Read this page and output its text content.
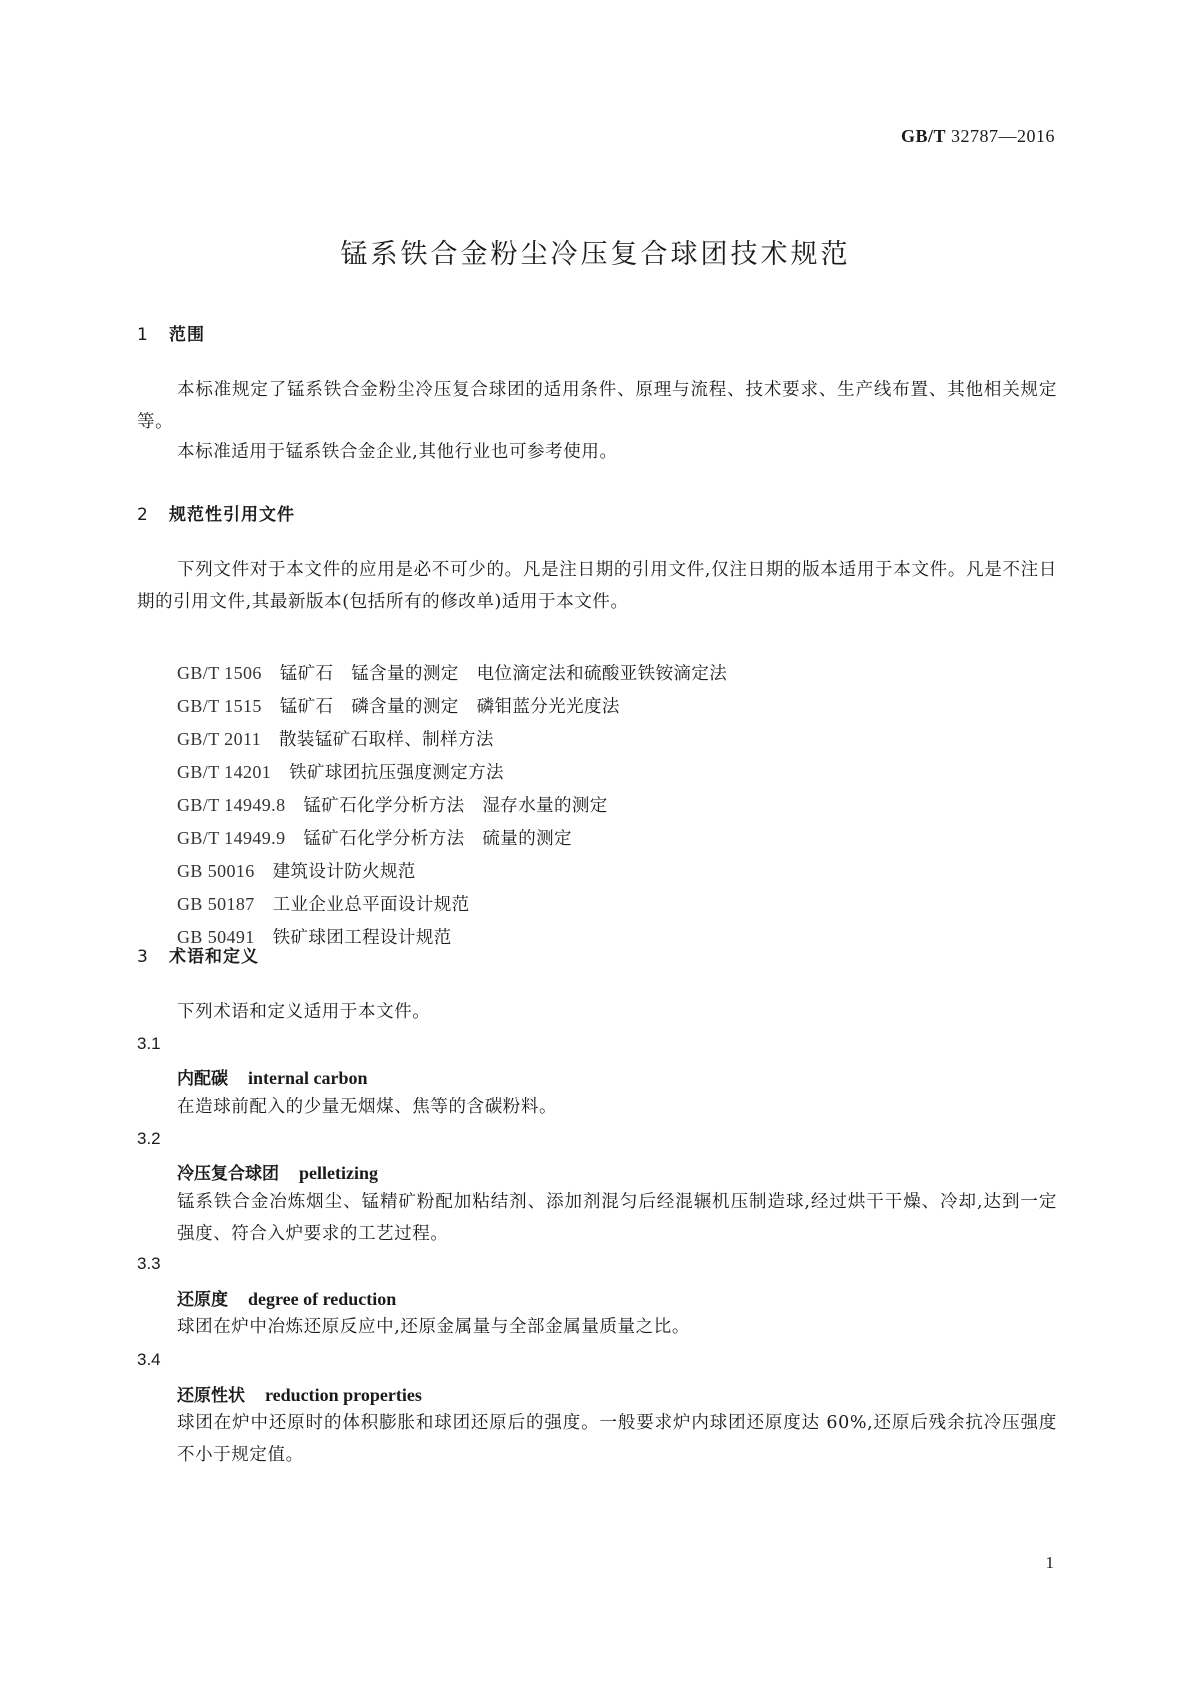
GB/T 32787—2016
锰系铁合金粉尘冷压复合球团技术规范
1 范围
本标准规定了锰系铁合金粉尘冷压复合球团的适用条件、原理与流程、技术要求、生产线布置、其他相关规定等。
本标准适用于锰系铁合金企业,其他行业也可参考使用。
2 规范性引用文件
下列文件对于本文件的应用是必不可少的。凡是注日期的引用文件,仅注日期的版本适用于本文件。凡是不注日期的引用文件,其最新版本(包括所有的修改单)适用于本文件。
GB/T 1506　 锰矿石　锰含量的测定　电位滴定法和硫酸亚铁铵滴定法
GB/T 1515　 锰矿石　磷含量的测定　磷钼蓝分光光度法
GB/T 2011　 散装锰矿石取样、制样方法
GB/T 14201　 铁矿球团抗压强度测定方法
GB/T 14949.8　 锰矿石化学分析方法　湿存水量的测定
GB/T 14949.9　 锰矿石化学分析方法　硫量的测定
GB 50016　 建筑设计防火规范
GB 50187　 工业企业总平面设计规范
GB 50491　 铁矿球团工程设计规范
3 术语和定义
下列术语和定义适用于本文件。
3.1
内配碳 internal carbon
在造球前配入的少量无烟煤、焦等的含碳粉料。
3.2
冷压复合球团 pelletizing
锰系铁合金冶炼烟尘、锰精矿粉配加粘结剂、添加剂混匀后经混辗机压制造球,经过烘干干燥、冷却,达到一定强度、符合入炉要求的工艺过程。
3.3
还原度 degree of reduction
球团在炉中冶炼还原反应中,还原金属量与全部金属量质量之比。
3.4
还原性状 reduction properties
球团在炉中还原时的体积膨胀和球团还原后的强度。一般要求炉内球团还原度达 60%,还原后残余抗冷压强度不小于规定值。
1
